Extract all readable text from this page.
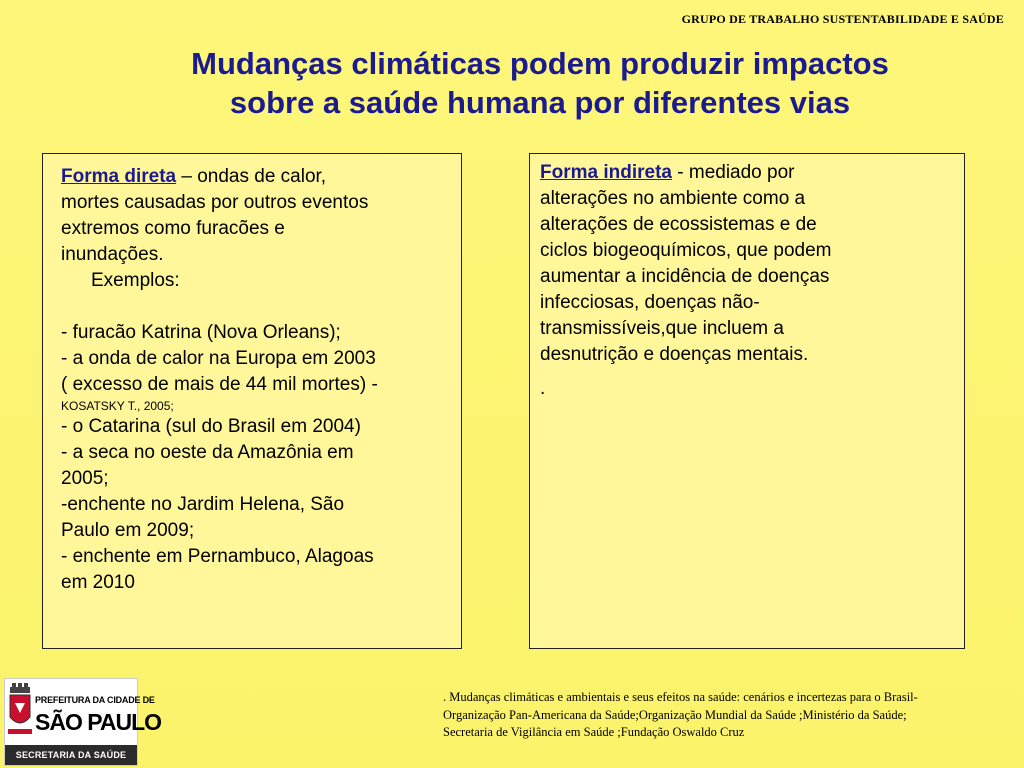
GRUPO DE TRABALHO SUSTENTABILIDADE E SAÚDE
Mudanças climáticas podem produzir impactos
sobre a saúde humana por diferentes vias
Forma direta – ondas de calor,
mortes causadas por outros eventos
extremos como furacões e
inundações.
Exemplos:
- furacão Katrina (Nova Orleans);
- a onda de calor na Europa em 2003
( excesso de mais de 44 mil mortes) -
KOSATSKY T., 2005;
- o Catarina (sul do Brasil em 2004)
- a seca no oeste da Amazônia em
2005;
-enchente no Jardim Helena, São
Paulo em 2009;
- enchente em Pernambuco, Alagoas
em 2010
Forma indireta - mediado por
alterações no ambiente como a
alterações de ecossistemas e de
ciclos biogeoquímicos, que podem
aumentar a incidência de doenças
infecciosas, doenças não-
transmissíveis,que incluem a
desnutrição e doenças mentais.
.
PREFEITURA DA CIDADE DE
SÃO PAULO
SECRETARIA DA SAÚDE
. Mudanças climáticas e ambientais e seus efeitos na saúde: cenários e incertezas para o Brasil-
Organização Pan-Americana da Saúde;Organização Mundial da Saúde ;Ministério da Saúde;
Secretaria de Vigilância em Saúde ;Fundação Oswaldo Cruz
